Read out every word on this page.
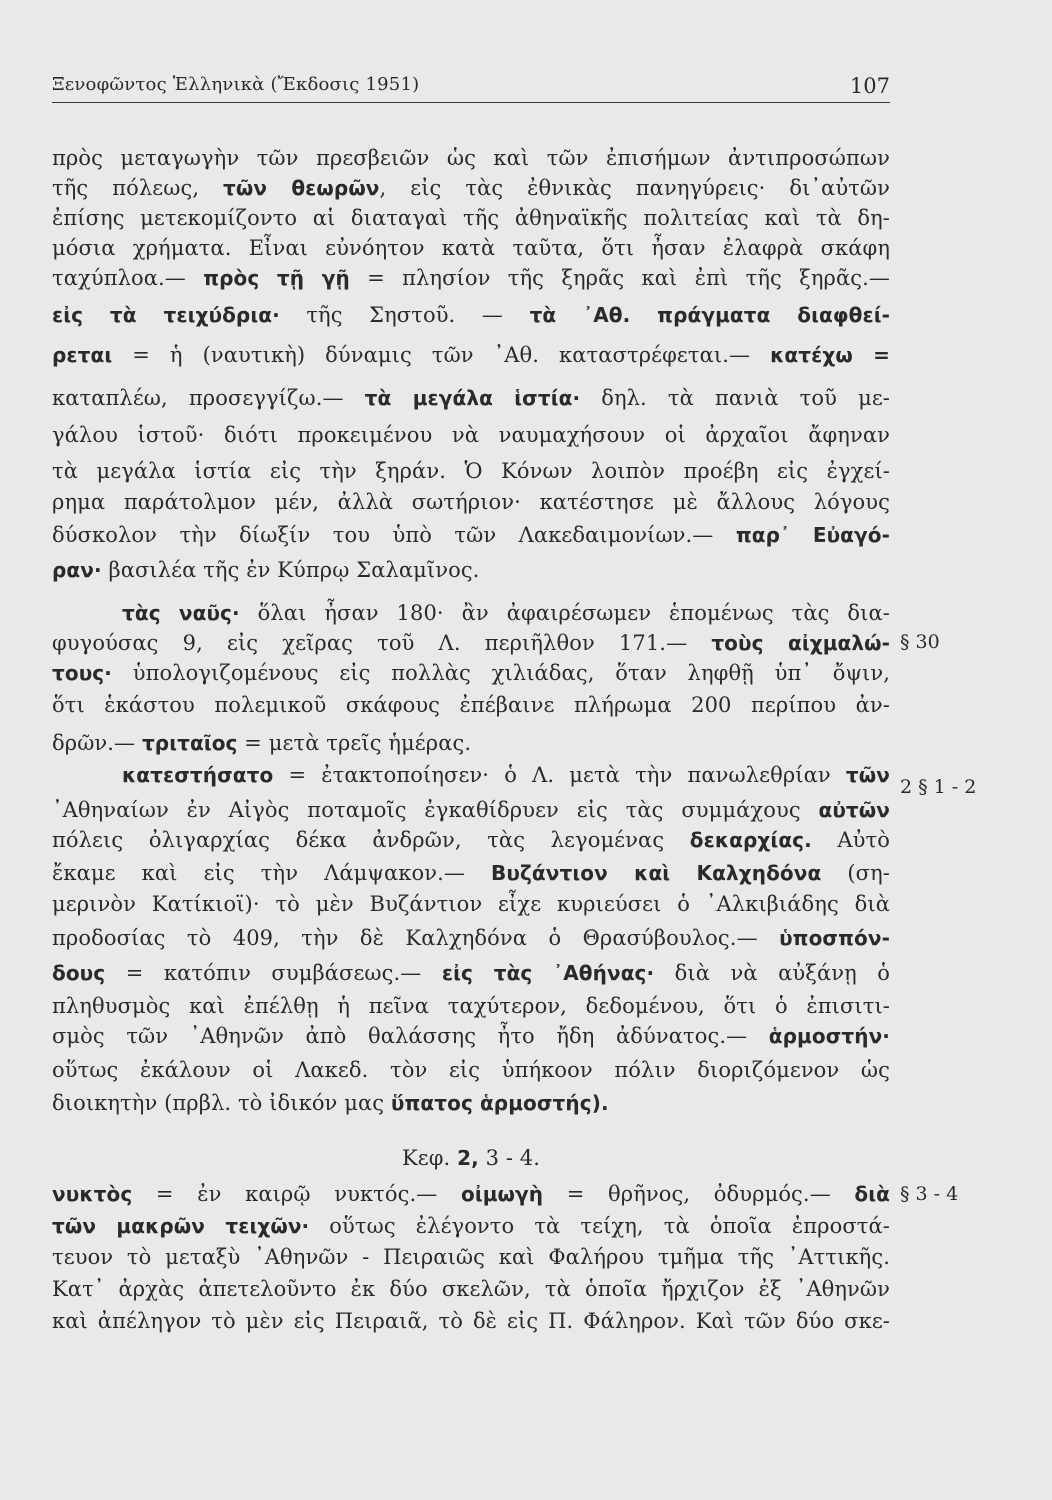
Ξενοφῶντος Ἑλληνικὰ (Ἔκδοσις 1951)	107
πρὸς μεταγωγὴν τῶν πρεσβειῶν ὡς καὶ τῶν ἐπισήμων ἀντιπροσώπων
τῆς πόλεως, τῶν θεωρῶν, εἰς τὰς ἐθνικὰς πανηγύρεις· δι᾽αὐτῶν
ἐπίσης μετεκομίζοντο αἱ διαταγαὶ τῆς ἀθηναϊκῆς πολιτείας καὶ τὰ δη-
μόσια χρήματα. Εἶναι εὐνόητον κατὰ ταῦτα, ὅτι ἦσαν ἐλαφρὰ σκάφη
ταχύπλοα.— πρὸς τῇ γῇ = πλησίον τῆς ξηρᾶς καὶ ἐπὶ τῆς ξηρᾶς.—
εἰς τὰ τειχύδρια· τῆς Σηστοῦ. — τὰ ᾽Αθ. πράγματα διαφθεί-
ρεται = ἡ (ναυτικὴ) δύναμις τῶν ᾽Αθ. καταστρέφεται.— κατέχω =
καταπλέω, προσεγγίζω.— τὰ μεγάλα ἱστία· δηλ. τὰ πανιὰ τοῦ με-
γάλου ἱστοῦ· διότι προκειμένου νὰ ναυμαχήσουν οἱ ἀρχαῖοι ἄφηναν
τὰ μεγάλα ἱστία εἰς τὴν ξηράν. Ὁ Κόνων λοιπὸν προέβη εἰς ἐγχεί-
ρημα παράτολμον μέν, ἀλλὰ σωτήριον· κατέστησε μὲ ἄλλους λόγους
δύσκολον τὴν δίωξίν του ὑπὸ τῶν Λακεδαιμονίων.— παρ᾽ Εὐαγό-
ραν· βασιλέα τῆς ἐν Κύπρῳ Σαλαμῖνος.
τὰς ναῦς· ὅλαι ἦσαν 180· ἂν ἀφαιρέσωμεν ἑπομένως τὰς δια-
φυγούσας 9, εἰς χεῖρας τοῦ Λ. περιῆλθον 171.— τοὺς αἰχμαλώ-
τους· ὑπολογιζομένους εἰς πολλὰς χιλιάδας, ὅταν ληφθῇ ὑπ᾽ ὄψιν,
ὅτι ἑκάστου πολεμικοῦ σκάφους ἐπέβαινε πλήρωμα 200 περίπου ἀν-
δρῶν.— τριταῖος = μετὰ τρεῖς ἡμέρας.
κατεστήσατο = ἐτακτοποίησεν· ὁ Λ. μετὰ τὴν πανωλεθρίαν τῶν
᾽Αθηναίων ἐν Αἰγὸς ποταμοῖς ἐγκαθίδρυεν εἰς τὰς συμμάχους αὐτῶν
πόλεις ὀλιγαρχίας δέκα ἀνδρῶν, τὰς λεγομένας δεκαρχίας. Αὐτὸ
ἔκαμε καὶ εἰς τὴν Λάμψακον.— Βυζάντιον καὶ Καλχηδόνα (ση-
μερινὸν Κατίκιοϊ)· τὸ μὲν Βυζάντιον εἶχε κυριεύσει ὁ ᾽Αλκιβιάδης διὰ
προδοσίας τὸ 409, τὴν δὲ Καλχηδόνα ὁ Θρασύβουλος.— ὑποσπόν-
δους = κατόπιν συμβάσεως.— εἰς τὰς ᾽Αθήνας· διὰ νὰ αὐξάνῃ ὁ
πληθυσμὸς καὶ ἐπέλθῃ ἡ πεῖνα ταχύτερον, δεδομένου, ὅτι ὁ ἐπισιτι-
σμὸς τῶν ᾽Αθηνῶν ἀπὸ θαλάσσης ἦτο ἤδη ἀδύνατος.— ἁρμοστήν·
οὕτως ἐκάλουν οἱ Λακεδ. τὸν εἰς ὑπήκοον πόλιν διοριζόμενον ὡς
διοικητὴν (πρβλ. τὸ ἰδικόν μας ὕπατος ἁρμοστής).
Κεφ. 2, 3 - 4.
νυκτὸς = ἐν καιρῷ νυκτός.— οἰμωγὴ = θρῆνος, ὀδυρμός.— διὰ
τῶν μακρῶν τειχῶν· οὕτως ἐλέγοντο τὰ τείχη, τὰ ὁποῖα ἐπροστά-
τευον τὸ μεταξὺ ᾽Αθηνῶν - Πειραιῶς καὶ Φαλήρου τμῆμα τῆς ᾽Αττικῆς.
Κατ᾽ ἀρχὰς ἀπετελοῦντο ἐκ δύο σκελῶν, τὰ ὁποῖα ἤρχιζον ἐξ ᾽Αθηνῶν
καὶ ἀπέληγον τὸ μὲν εἰς Πειραιᾶ, τὸ δὲ εἰς Π. Φάληρον. Καὶ τῶν δύο σκε-
§ 30
2 § 1 - 2
§ 3 - 4
